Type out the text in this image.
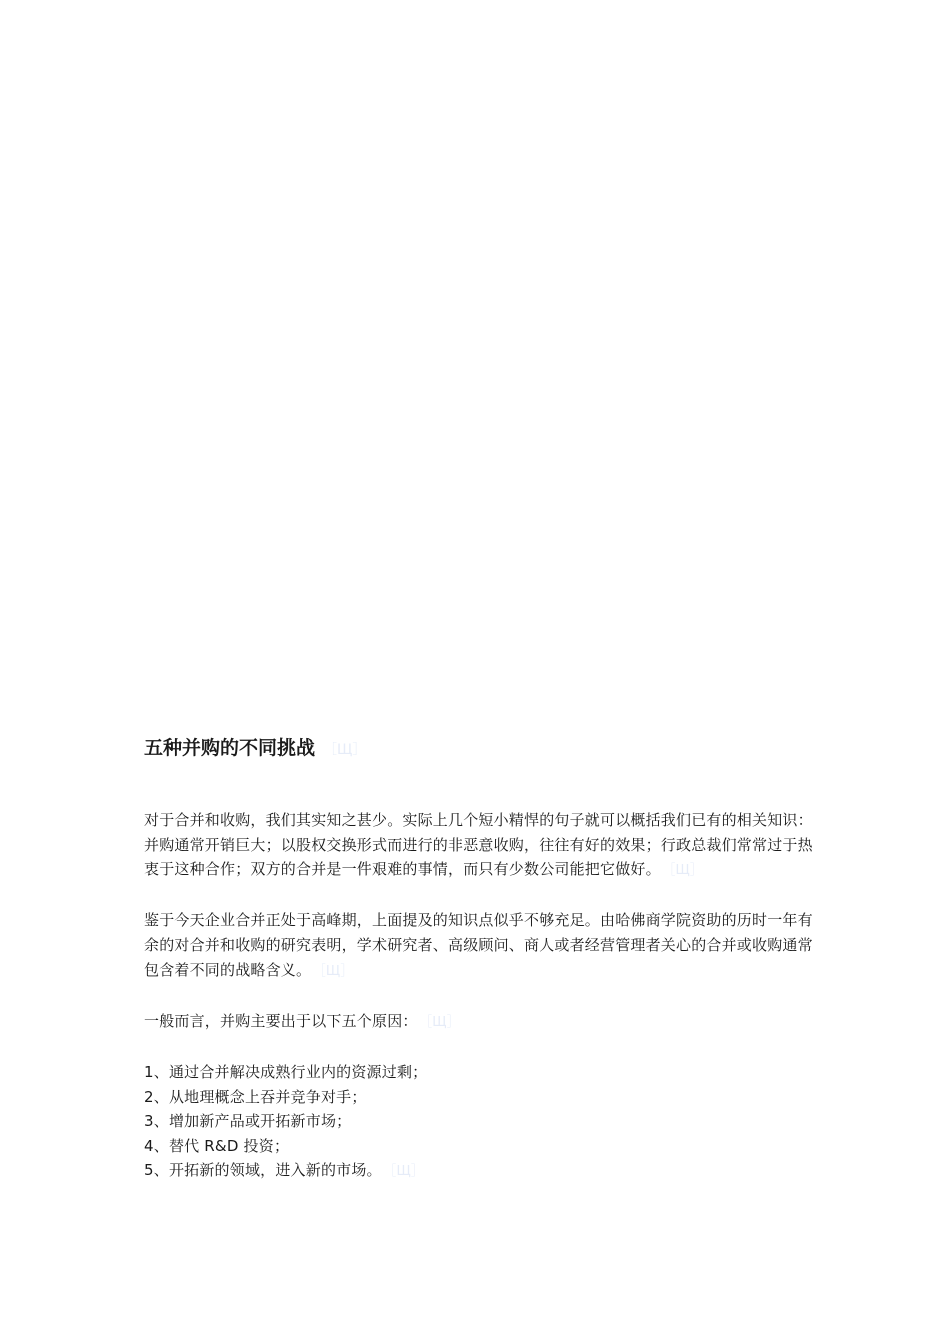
五种并购的不同挑战 ［Щ］

对于合并和收购，我们其实知之甚少。实际上几个短小精悍的句子就可以概括我们已有的相关知识：并购通常开销巨大；以股权交换形式而进行的非恶意收购，往往有好的效果；行政总裁们常常过于热衷于这种合作；双方的合并是一件艰难的事情，而只有少数公司能把它做好。 ［Щ］

鉴于今天企业合并正处于高峰期，上面提及的知识点似乎不够充足。由哈佛商学院资助的历时一年有余的对合并和收购的研究表明，学术研究者、高级顾问、商人或者经营管理者关心的合并或收购通常包含着不同的战略含义。 ［Щ］

一般而言，并购主要出于以下五个原因： ［Щ］

1、通过合并解决成熟行业内的资源过剩；
2、从地理概念上吞并竞争对手；
3、增加新产品或开拓新市场；
4、替代 R&D 投资；
5、开拓新的领域，进入新的市场。 ［Щ］
